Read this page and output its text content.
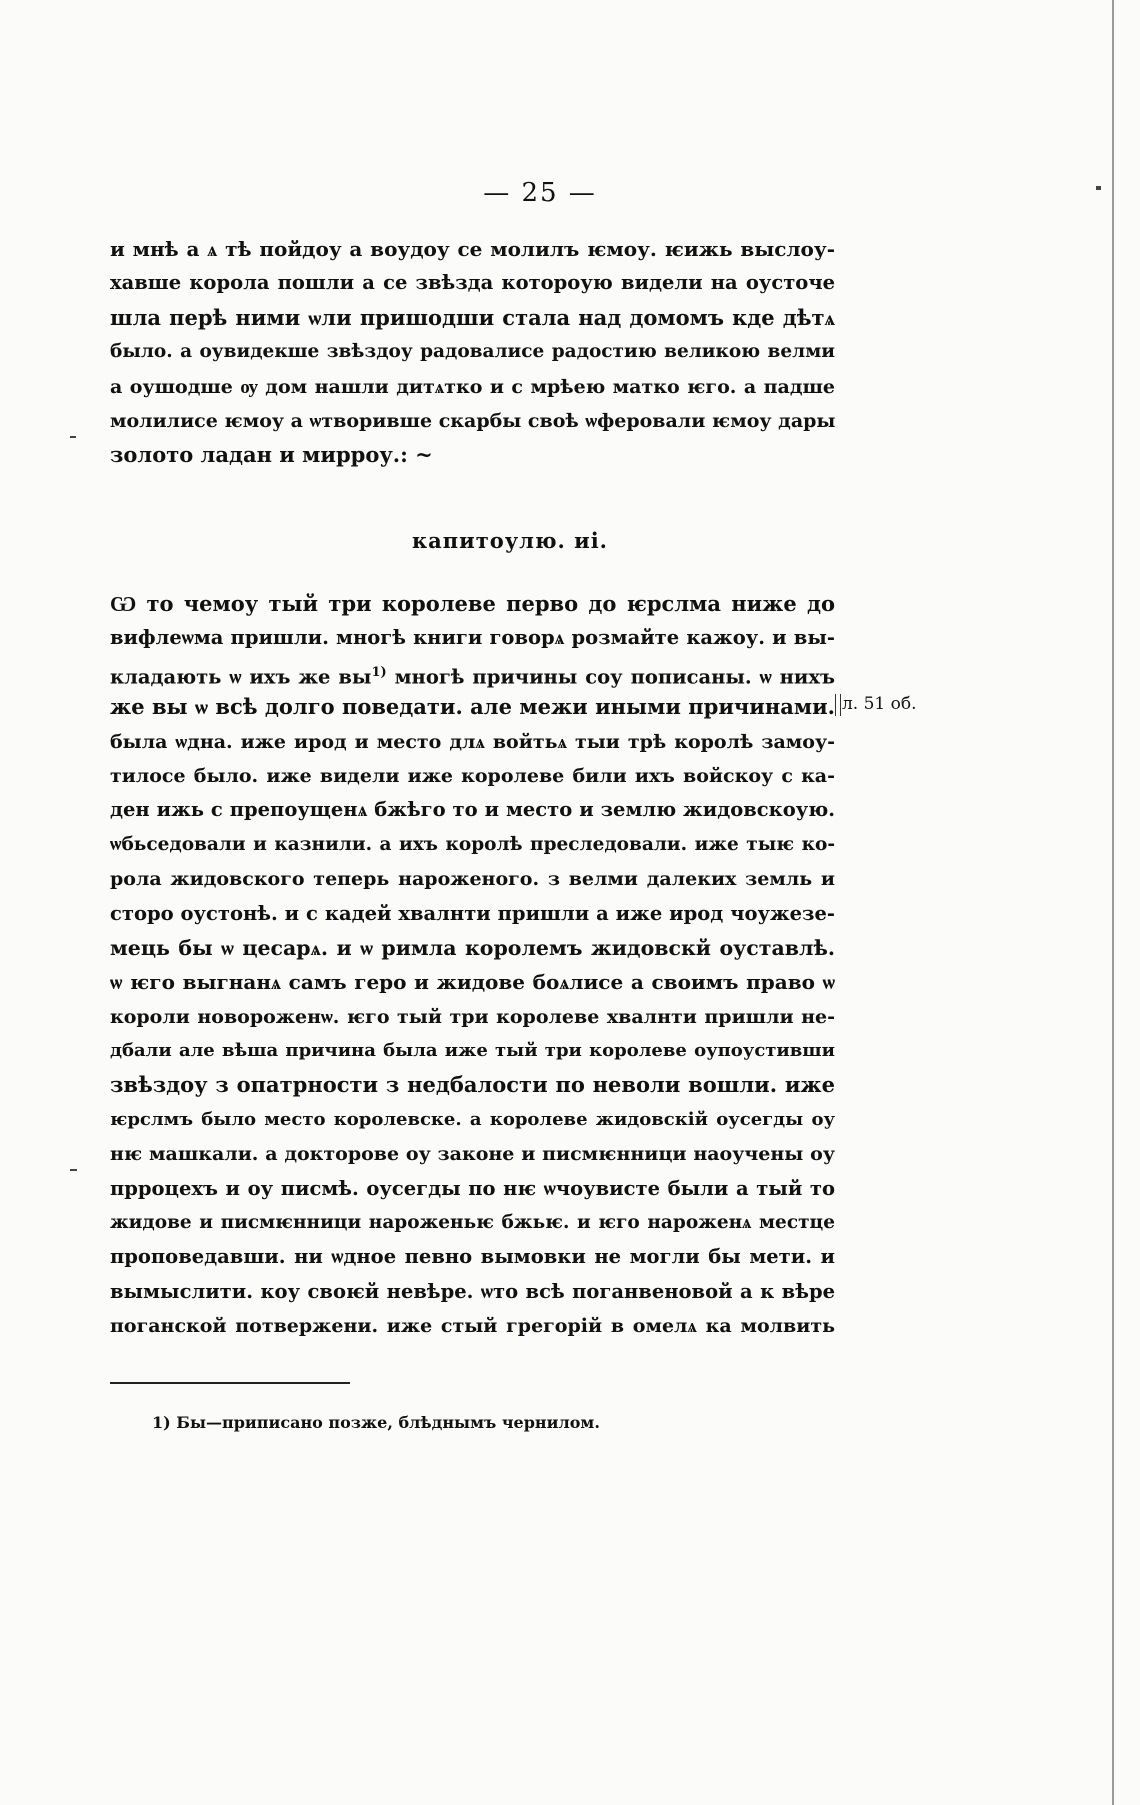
— 25 —
и мнѣ а ѧ тѣ пойдоу а воудоу се молилъ ѥмоу. ѥижь выслоу-
хавше корола пошли а се звѣзда котороую видели на оусточе
шла перѣ ними ѡли пришодши стала над домомъ кде дѣтѧ
было. а оувидекше звѣздоу радовалисе радостию великою велми
а оушодше ѹ дом нашли дитѧтко и с мрѣею матко ѥго. а падше
молилисе ѥмоу а ѡтворивше скарбы своѣ ѡферовали ѥмоу дары
золото ладан и мирроу.: ~
капитоулю. иі.
Ѡ то чемоу тый три королеве перво до ѥрслма ниже до
вифлеѡма пришли. многѣ книги говорѧ розмайте кажоу. и вы-
кладають ѡ ихъ же $вы^{1)}$ многѣ причины соу пописаны. ѡ нихъ
же вы ѡ всѣ долго поведати. але межи иными причинами.
была ѡдна. иже ирод и место длѧ войтьѧ тыи трѣ королѣ замоу-
тилосе было. иже видели иже королеве били ихъ войскоу с ка-
ден ижь с препоущенѧ бжѣго то и место и землю жидовскоую.
ѡбьседовали и казнили. а ихъ королѣ преследовали. иже тыѥ ко-
рола жидовского теперь нароженого. з велми далеких земль и
сторо оустонѣ. и с кадей хвалнти пришли а иже ирод чоужезе-
мець бы ѡ цесарѧ. и ѡ римла королемъ жидовскй оуставлѣ.
ѡ ѥго выгнанѧ самъ геро и жидове боѧлисе а своимъ право ѡ
короли новороженѡ. ѥго тый три королеве хвалнти пришли не-
дбали але вѣша причина была иже тый три королеве оупоустивши
звѣздоу з опатрности з недбалости по неволи вошли. иже
ѥрслмъ было место королевске. а королеве жидовскій оусегды оу
нѥ машкали. а докторове оу законе и писмѥнници наоучены оу
прроцехъ и оу писмѣ. оусегды по нѥ ѡчоувисте были а тый то
жидове и писмѥнници нароженьѥ бжьѥ. и ѥго нароженѧ местце
проповедавши. ни ѡдное певно вымовки не могли бы мети. и
вымыслити. коу своѥй невѣре. ѡто всѣ поганвеновой а к вѣре
поганской потвержени. иже стый грегорій в омелѧ ка молвить
л. 51 об.
1) Бы—приписано позже, блѣднымъ чернилом.
